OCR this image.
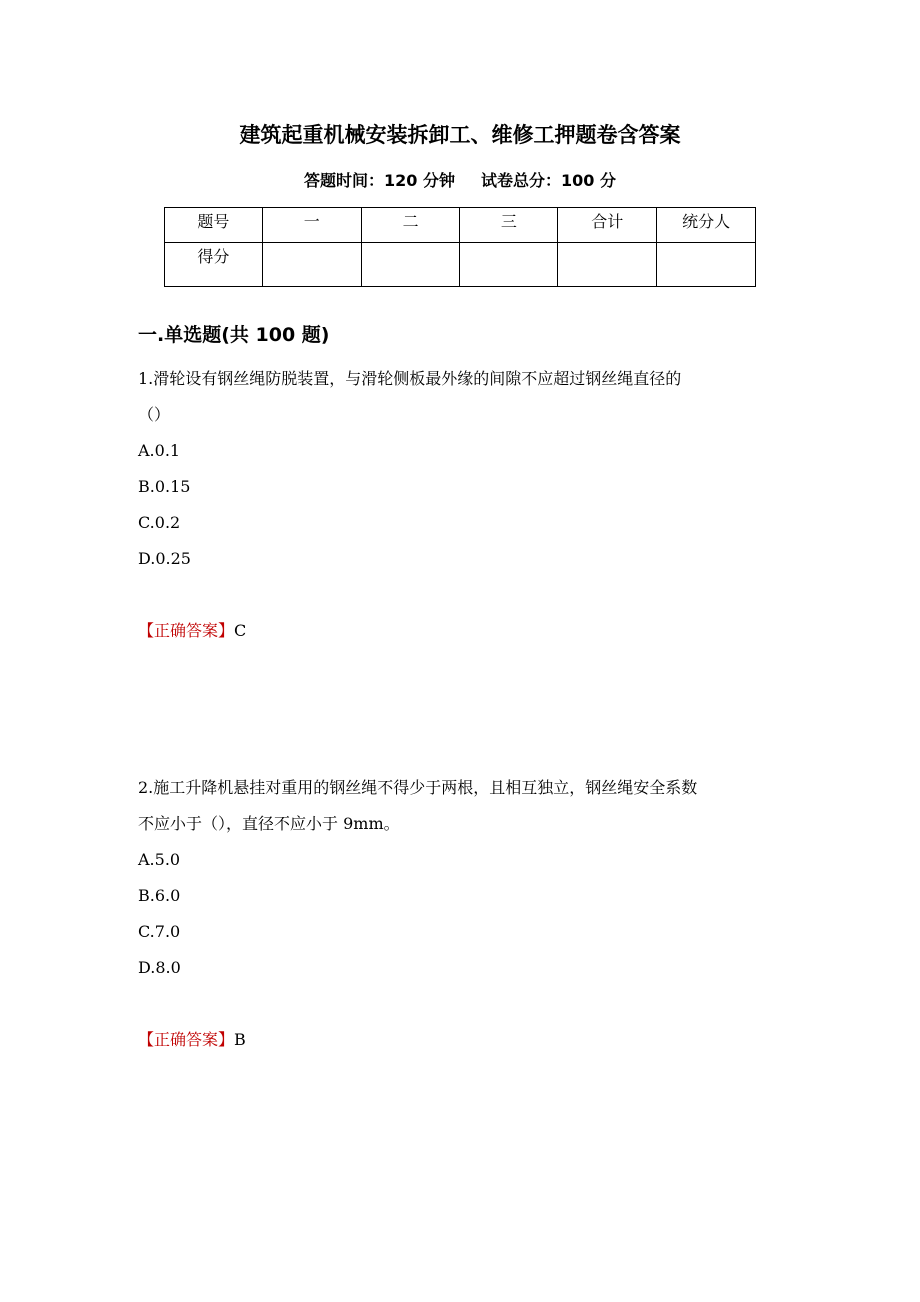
建筑起重机械安装拆卸工、维修工押题卷含答案
答题时间：120 分钟 试卷总分：100 分
题号	一	二	三	合计	统分人
得分					
一.单选题(共 100 题)

1.滑轮设有钢丝绳防脱装置，与滑轮侧板最外缘的间隙不应超过钢丝绳直径的

（）

A.0.1

B.0.15

C.0.2

D.0.25

【正确答案】C

2.施工升降机悬挂对重用的钢丝绳不得少于两根，且相互独立，钢丝绳安全系数

不应小于（），直径不应小于 9mm。

A.5.0

B.6.0

C.7.0

D.8.0

【正确答案】B
